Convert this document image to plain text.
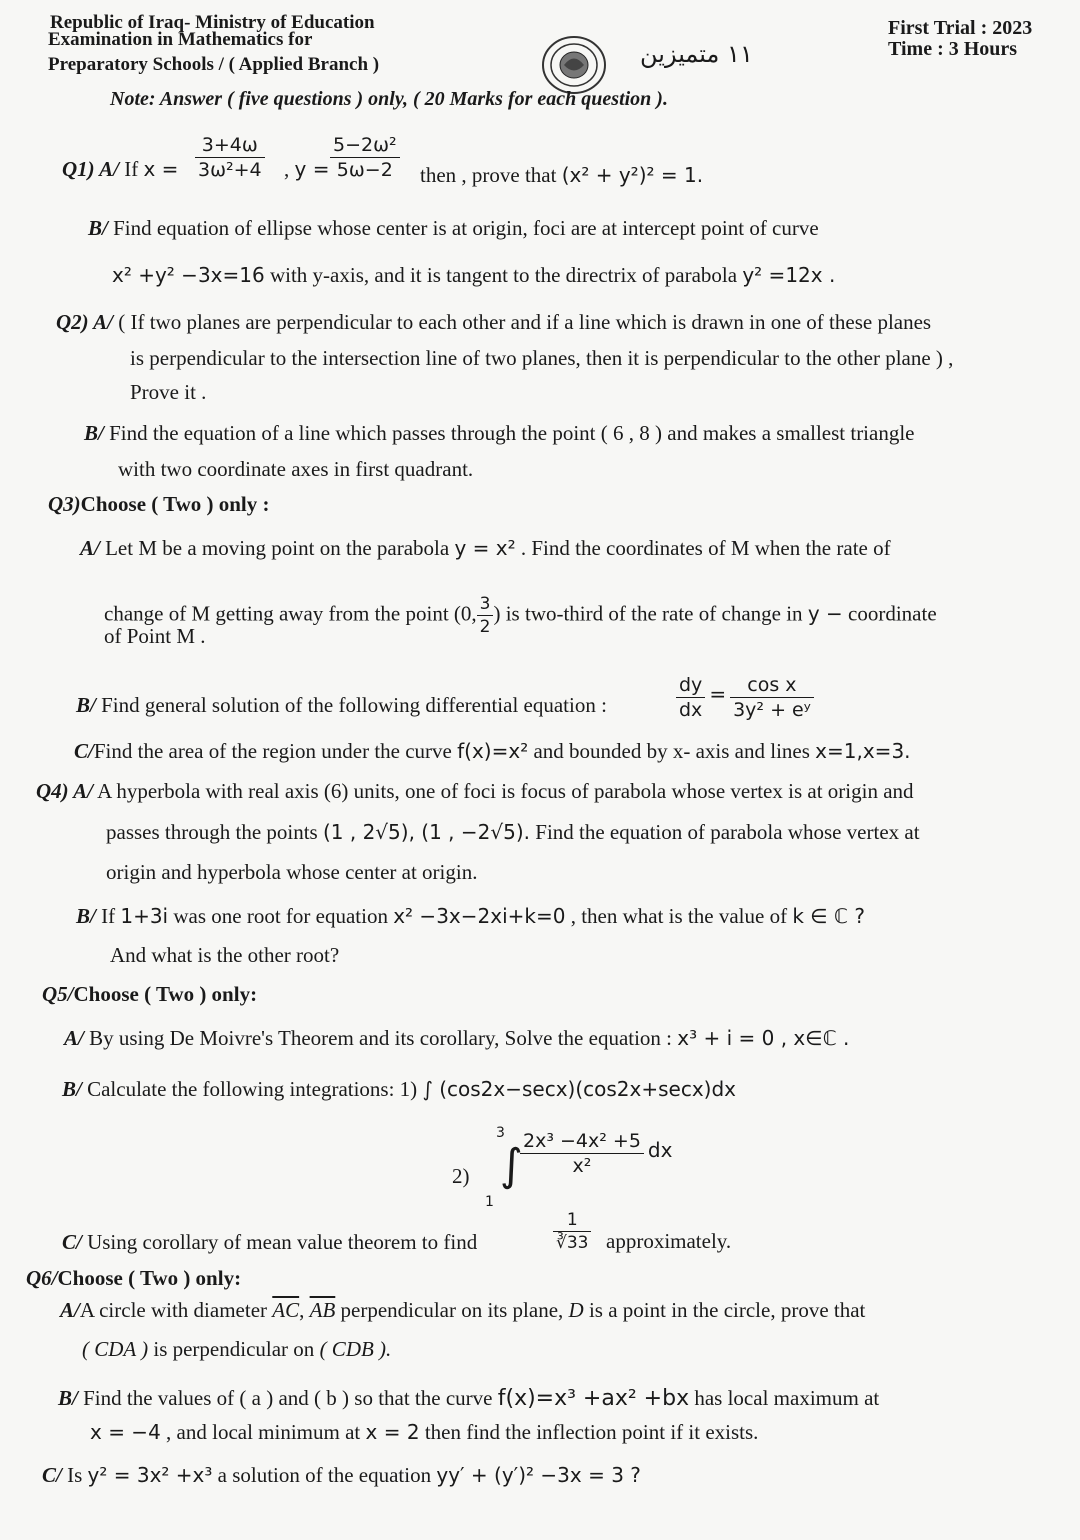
Republic of Iraq- Ministry of Education
Examination in Mathematics for
Preparatory Schools / ( Applied Branch )
First Trial : 2023
Time : 3 Hours
١١ متميزين
Note: Answer ( five questions ) only, ( 20 Marks for each question ).
Q1) A/ If $x = \frac{3+4\omega}{\text{3ω²+4}}$ , $y = \frac{\text{5−2ω²}}{5\omega-2}$ then , prove that (x² + y²)² = 1.
B/ Find equation of ellipse whose center is at origin, foci are at intercept point of curve
x² +y² −3x=16 with y-axis, and it is tangent to the directrix of parabola y² =12x .
Q2) A/ ( If two planes are perpendicular to each other and if a line which is drawn in one of these planes
is perpendicular to the intersection line of two planes, then it is perpendicular to the other plane ) ,
Prove it .
B/ Find the equation of a line which passes through the point ( 6 , 8 ) and makes a smallest triangle
with two coordinate axes in first quadrant.
Q3)Choose ( Two ) only :
A/ Let M be a moving point on the parabola y = x² . Find the coordinates of M when the rate of
change of M getting away from the point (0, $\frac{3}{2}$ ) is two-third of the rate of change in y − coordinate
of Point M .
B/ Find general solution of the following differential equation :	$\frac{dy}{dx} = \frac{\text{cos x}}{\text{3y² + eʸ}}$
C/Find the area of the region under the curve f(x)=x² and bounded by x- axis and lines x=1,x=3.
Q4) A/ A hyperbola with real axis (6) units, one of foci is focus of parabola whose vertex is at origin and
passes through the points (1 , 2√5), (1 , −2√5). Find the equation of parabola whose vertex at
origin and hyperbola whose center at origin.
B/ If 1+3i was one root for equation x² −3x−2xi+k=0 , then what is the value of k ∈ ℂ ?
And what is the other root?
Q5/Choose ( Two ) only:
A/ By using De Moivre's Theorem and its corollary, Solve the equation : x³ + i = 0 , x∈ℂ .
B/ Calculate the following integrations: 1) ∫ (cos2x−secx)(cos2x+secx)dx
2)
3
∫
1
$\frac{\text{2x³ −4x² +5}}{\text{x²}}$ dx
C/ Using corollary of mean value theorem to find	$\frac{1}{∛33}$ approximately.
Q6/Choose ( Two ) only:
A/A circle with diameter $\overline{AC}$, $\overline{AB}$ perpendicular on its plane, D is a point in the circle, prove that
( CDA ) is perpendicular on ( CDB ).
B/ Find the values of ( a ) and ( b ) so that the curve f(x)=x³ +ax² +bx has local maximum at
x = −4 , and local minimum at x = 2 then find the inflection point if it exists.
C/ Is y² = 3x² +x³ a solution of the equation yy′ + (y′)² −3x = 3 ?
